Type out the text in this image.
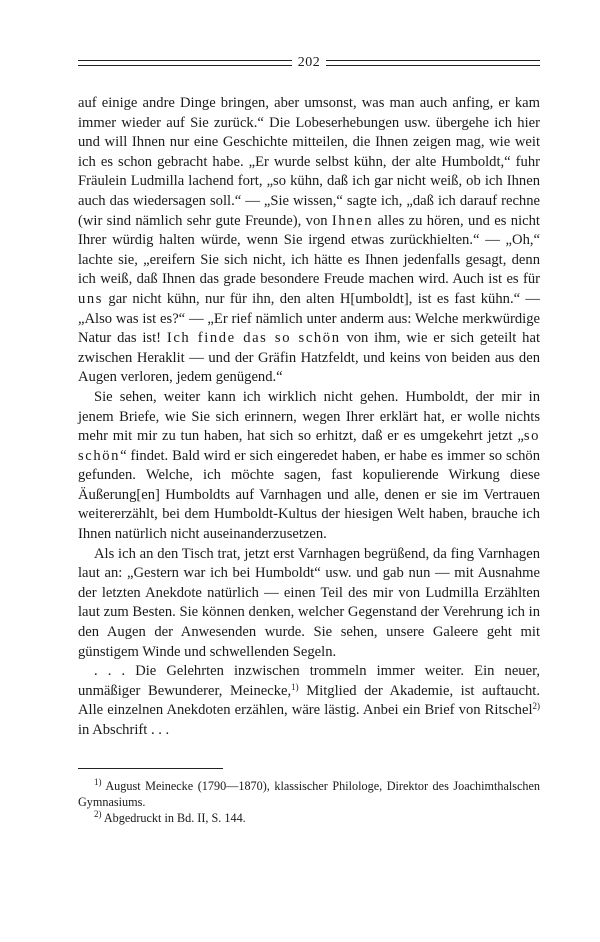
202

auf einige andre Dinge bringen, aber umsonst, was man auch anfing, er kam immer wieder auf Sie zurück.“ Die Lobeserhebungen usw. übergehe ich hier und will Ihnen nur eine Geschichte mitteilen, die Ihnen zeigen mag, wie weit ich es schon gebracht habe. „Er wurde selbst kühn, der alte Humboldt,“ fuhr Fräulein Ludmilla lachend fort, „so kühn, daß ich gar nicht weiß, ob ich Ihnen auch das wiedersagen soll.“ — „Sie wissen,“ sagte ich, „daß ich darauf rechne (wir sind nämlich sehr gute Freunde), von Ihnen alles zu hören, und es nicht Ihrer würdig halten würde, wenn Sie irgend etwas zurückhielten.“ — „Oh,“ lachte sie, „ereifern Sie sich nicht, ich hätte es Ihnen jedenfalls gesagt, denn ich weiß, daß Ihnen das grade besondere Freude machen wird. Auch ist es für uns gar nicht kühn, nur für ihn, den alten H[umboldt], ist es fast kühn.“ — „Also was ist es?“ — „Er rief nämlich unter anderm aus: Welche merkwürdige Natur das ist! Ich finde das so schön von ihm, wie er sich geteilt hat zwischen Heraklit — und der Gräfin Hatzfeldt, und keins von beiden aus den Augen verloren, jedem genügend.“

Sie sehen, weiter kann ich wirklich nicht gehen. Humboldt, der mir in jenem Briefe, wie Sie sich erinnern, wegen Ihrer erklärt hat, er wolle nichts mehr mit mir zu tun haben, hat sich so erhitzt, daß er es umgekehrt jetzt „so schön“ findet. Bald wird er sich eingeredet haben, er habe es immer so schön gefunden. Welche, ich möchte sagen, fast kopulierende Wirkung diese Äußerung[en] Humboldts auf Varnhagen und alle, denen er sie im Vertrauen weitererzählt, bei dem Humboldt-Kultus der hiesigen Welt haben, brauche ich Ihnen natürlich nicht auseinanderzusetzen.

Als ich an den Tisch trat, jetzt erst Varnhagen begrüßend, da fing Varnhagen laut an: „Gestern war ich bei Humboldt“ usw. und gab nun — mit Ausnahme der letzten Anekdote natürlich — einen Teil des mir von Ludmilla Erzählten laut zum Besten. Sie können denken, welcher Gegenstand der Verehrung ich in den Augen der Anwesenden wurde. Sie sehen, unsere Galeere geht mit günstigem Winde und schwellenden Segeln.

. . . Die Gelehrten inzwischen trommeln immer weiter. Ein neuer, unmäßiger Bewunderer, Meinecke,$^{1)}$ Mitglied der Akademie, ist auftaucht. Alle einzelnen Anekdoten erzählen, wäre lästig. Anbei ein Brief von Ritschel$^{2)}$ in Abschrift . . .

$^{1)}$ August Meinecke (1790—1870), klassischer Philologe, Direktor des Joachimthalschen Gymnasiums.

$^{2)}$ Abgedruckt in Bd. II, S. 144.
